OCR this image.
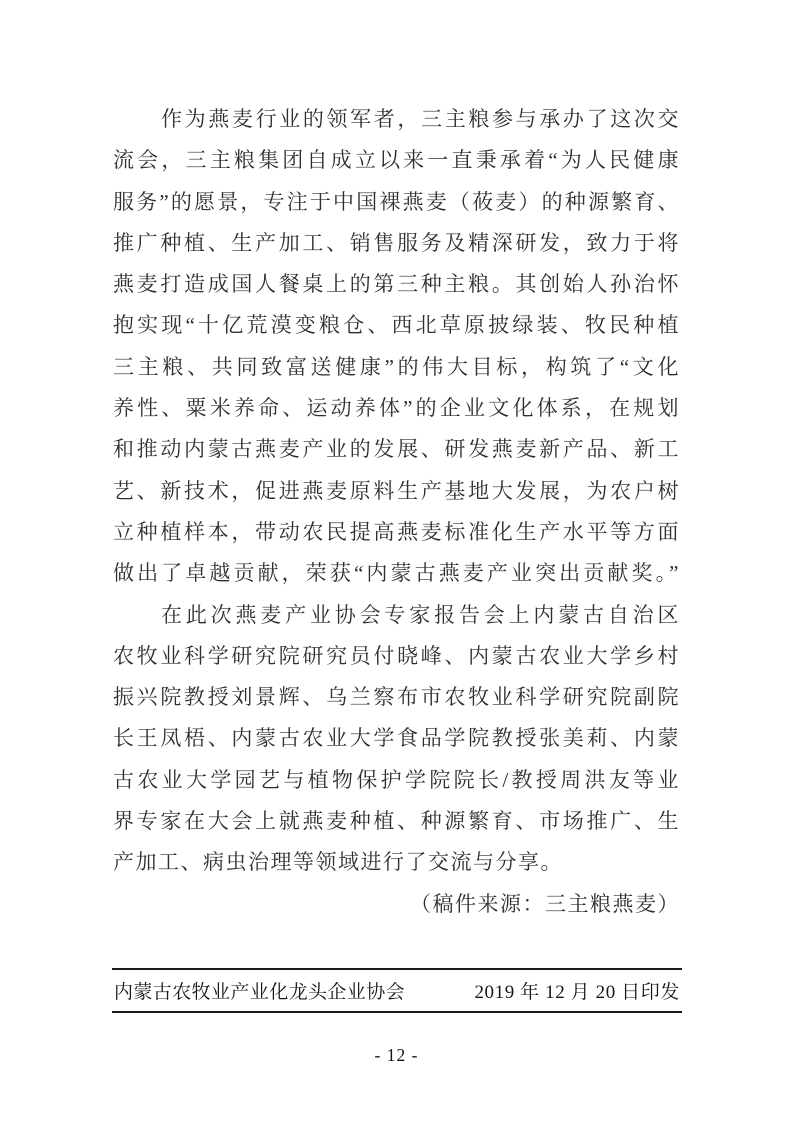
作为燕麦行业的领军者，三主粮参与承办了这次交

流会，三主粮集团自成立以来一直秉承着“为人民健康

服务”的愿景，专注于中国裸燕麦（莜麦）的种源繁育、

推广种植、生产加工、销售服务及精深研发，致力于将

燕麦打造成国人餐桌上的第三种主粮。其创始人孙治怀

抱实现“十亿荒漠变粮仓、西北草原披绿装、牧民种植

三主粮、共同致富送健康”的伟大目标，构筑了“文化

养性、粟米养命、运动养体”的企业文化体系，在规划

和推动内蒙古燕麦产业的发展、研发燕麦新产品、新工

艺、新技术，促进燕麦原料生产基地大发展，为农户树

立种植样本，带动农民提高燕麦标准化生产水平等方面

做出了卓越贡献，荣获“内蒙古燕麦产业突出贡献奖。”

在此次燕麦产业协会专家报告会上内蒙古自治区

农牧业科学研究院研究员付晓峰、内蒙古农业大学乡村

振兴院教授刘景辉、乌兰察布市农牧业科学研究院副院

长王凤梧、内蒙古农业大学食品学院教授张美莉、内蒙

古农业大学园艺与植物保护学院院长/教授周洪友等业

界专家在大会上就燕麦种植、种源繁育、市场推广、生

产加工、病虫治理等领域进行了交流与分享。

（稿件来源：三主粮燕麦）

内蒙古农牧业产业化龙头企业协会	2019 年 12 月 20 日印发
- 12 -
